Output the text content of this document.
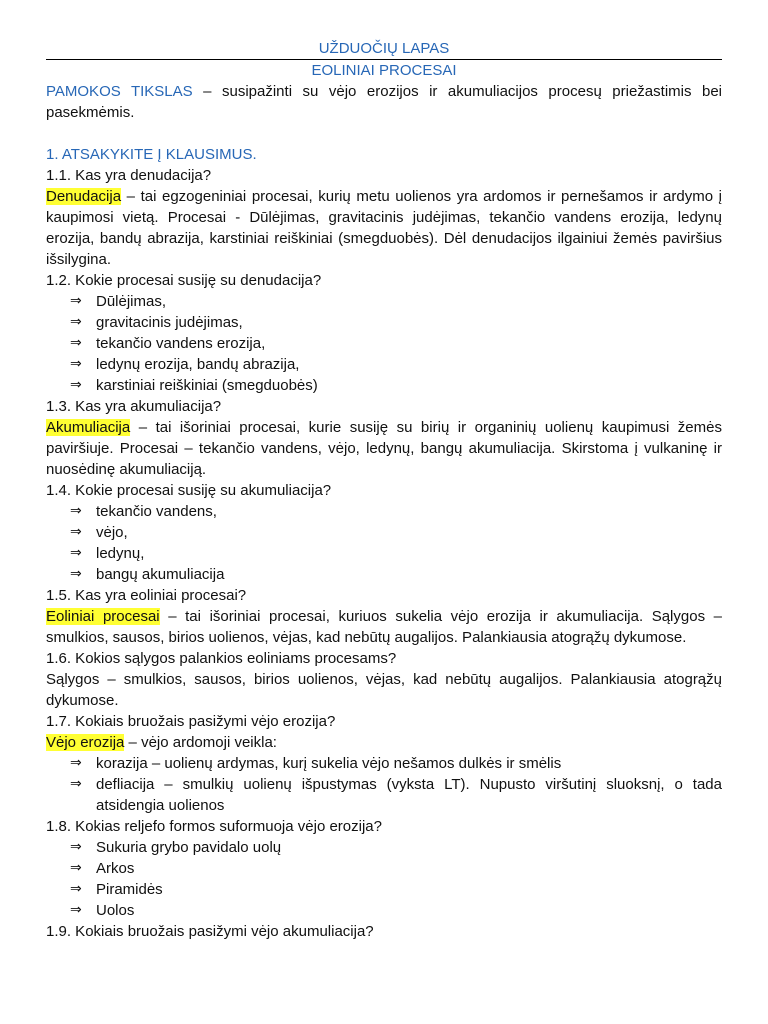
UŽDUOČIŲ LAPAS
EOLINIAI PROCESAI

PAMOKOS TIKSLAS – susipažinti su vėjo erozijos ir akumuliacijos procesų priežastimis bei pasekmėmis.

1. ATSAKYKITE Į KLAUSIMUS.
1.1. Kas yra denudacija?

Denudacija – tai egzogeniniai procesai, kurių metu uolienos yra ardomos ir pernešamos ir ardymo į kaupimosi vietą. Procesai - Dūlėjimas, gravitacinis judėjimas, tekančio vandens erozija, ledynų erozija, bandų abrazija, karstiniai reiškiniai (smegduobės). Dėl denudacijos ilgainiui žemės paviršius išsilygina.

1.2. Kokie procesai susiję su denudacija?
⇒ Dūlėjimas,
⇒ gravitacinis judėjimas,
⇒ tekančio vandens erozija,
⇒ ledynų erozija, bandų abrazija,
⇒ karstiniai reiškiniai (smegduobės)
1.3. Kas yra akumuliacija?

Akumuliacija – tai išoriniai procesai, kurie susiję su birių ir organinių uolienų kaupimusi žemės paviršiuje. Procesai – tekančio vandens, vėjo, ledynų, bangų akumuliacija. Skirstoma į vulkaninę ir nuosėdinę akumuliaciją.

1.4. Kokie procesai susiję su akumuliacija?
⇒ tekančio vandens,
⇒ vėjo,
⇒ ledynų,
⇒ bangų akumuliacija
1.5. Kas yra eoliniai procesai?

Eoliniai procesai – tai išoriniai procesai, kuriuos sukelia vėjo erozija ir akumuliacija. Sąlygos – smulkios, sausos, birios uolienos, vėjas, kad nebūtų augalijos. Palankiausia atogrąžų dykumose.

1.6. Kokios sąlygos palankios eoliniams procesams?

Sąlygos – smulkios, sausos, birios uolienos, vėjas, kad nebūtų augalijos. Palankiausia atogrąžų dykumose.

1.7. Kokiais bruožais pasižymi vėjo erozija?

Vėjo erozija – vėjo ardomoji veikla:

⇒ korazija – uolienų ardymas, kurį sukelia vėjo nešamos dulkės ir smėlis
⇒ defliacija – smulkių uolienų išpustymas (vyksta LT). Nupusto viršutinį sluoksnį, o tada atsidengia uolienos
1.8. Kokias reljefo formos suformuoja vėjo erozija?
⇒ Sukuria grybo pavidalo uolų
⇒ Arkos
⇒ Piramidės
⇒ Uolos
1.9. Kokiais bruožais pasižymi vėjo akumuliacija?
